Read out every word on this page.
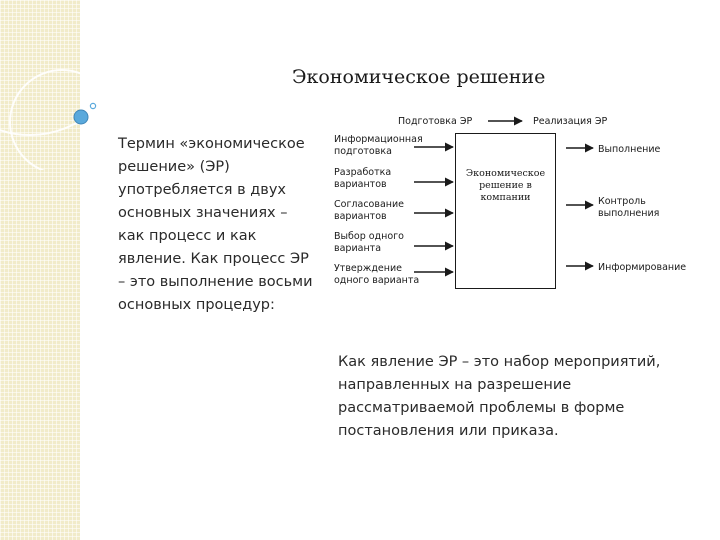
Экономическое решение
Термин «экономическое решение» (ЭР) употребляется в двух основных значениях – как процесс и как явление. Как процесс ЭР – это выполнение восьми основных процедур:
Подготовка ЭР	Реализация ЭР
Информационная
подготовка
Разработка
вариантов
Согласование
вариантов
Выбор одного
варианта
Утверждение
одного варианта
Экономическое
решение в
компании
Выполнение
Контроль
выполнения
Информирование
Как явление ЭР – это набор мероприятий, направленных на разрешение рассматриваемой проблемы в форме постановления или приказа.
